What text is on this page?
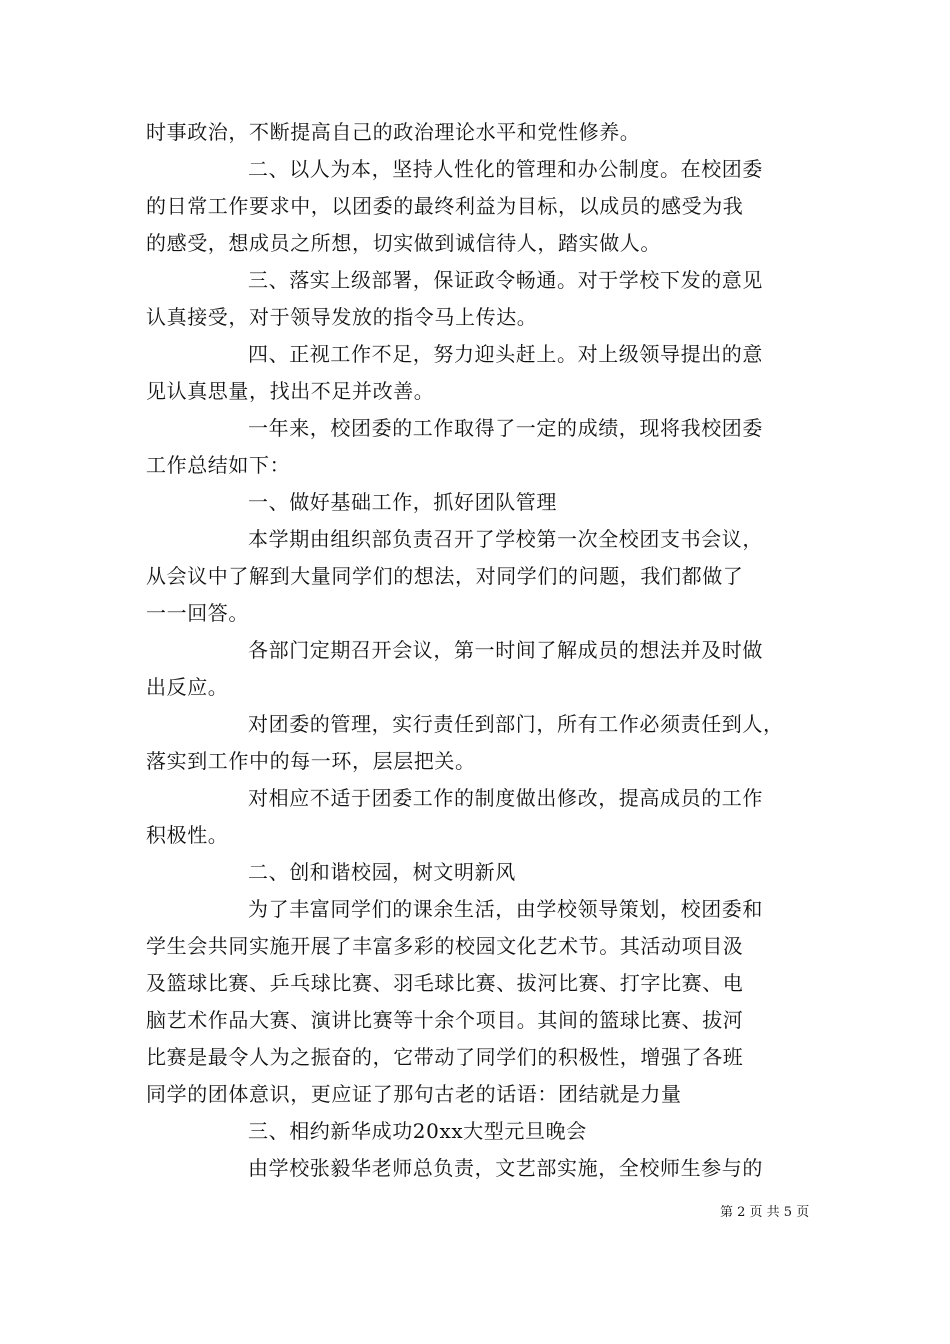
时事政治，不断提高自己的政治理论水平和党性修养。
二、以人为本，坚持人性化的管理和办公制度。在校团委
的日常工作要求中，以团委的最终利益为目标，以成员的感受为我
的感受，想成员之所想，切实做到诚信待人，踏实做人。
三、落实上级部署，保证政令畅通。对于学校下发的意见
认真接受，对于领导发放的指令马上传达。
四、正视工作不足，努力迎头赶上。对上级领导提出的意
见认真思量，找出不足并改善。
一年来，校团委的工作取得了一定的成绩，现将我校团委
工作总结如下：
一、做好基础工作，抓好团队管理
本学期由组织部负责召开了学校第一次全校团支书会议，
从会议中了解到大量同学们的想法，对同学们的问题，我们都做了
一一回答。
各部门定期召开会议，第一时间了解成员的想法并及时做
出反应。
对团委的管理，实行责任到部门，所有工作必须责任到人，
落实到工作中的每一环，层层把关。
对相应不适于团委工作的制度做出修改，提高成员的工作
积极性。
二、创和谐校园，树文明新风
为了丰富同学们的课余生活，由学校领导策划，校团委和
学生会共同实施开展了丰富多彩的校园文化艺术节。其活动项目汲
及篮球比赛、乒乓球比赛、羽毛球比赛、拔河比赛、打字比赛、电
脑艺术作品大赛、演讲比赛等十余个项目。其间的篮球比赛、拔河
比赛是最令人为之振奋的，它带动了同学们的积极性，增强了各班
同学的团体意识，更应证了那句古老的话语：团结就是力量
三、相约新华成功20xx大型元旦晚会
由学校张毅华老师总负责，文艺部实施，全校师生参与的
第 2 页 共 5 页
